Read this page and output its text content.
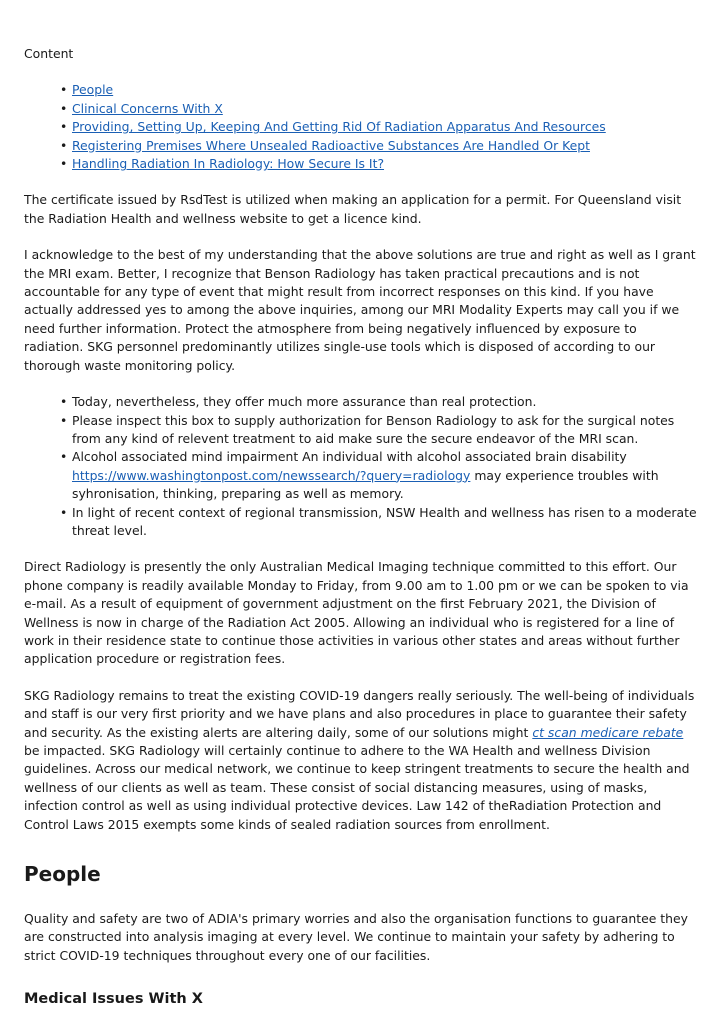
Content
• People
• Clinical Concerns With X
• Providing, Setting Up, Keeping And Getting Rid Of Radiation Apparatus And Resources
• Registering Premises Where Unsealed Radioactive Substances Are Handled Or Kept
• Handling Radiation In Radiology: How Secure Is It?

The certificate issued by RsdTest is utilized when making an application for a permit. For Queensland visit the Radiation Health and wellness website to get a licence kind.

I acknowledge to the best of my understanding that the above solutions are true and right as well as I grant the MRI exam. Better, I recognize that Benson Radiology has taken practical precautions and is not accountable for any type of event that might result from incorrect responses on this kind. If you have actually addressed yes to among the above inquiries, among our MRI Modality Experts may call you if we need further information. Protect the atmosphere from being negatively influenced by exposure to radiation. SKG personnel predominantly utilizes single-use tools which is disposed of according to our thorough waste monitoring policy.

• Today, nevertheless, they offer much more assurance than real protection.
• Please inspect this box to supply authorization for Benson Radiology to ask for the surgical notes from any kind of relevent treatment to aid make sure the secure endeavor of the MRI scan.
• Alcohol associated mind impairment An individual with alcohol associated brain disability https://www.washingtonpost.com/newssearch/?query=radiology may experience troubles with syhronisation, thinking, preparing as well as memory.
• In light of recent context of regional transmission, NSW Health and wellness has risen to a moderate threat level.

Direct Radiology is presently the only Australian Medical Imaging technique committed to this effort. Our phone company is readily available Monday to Friday, from 9.00 am to 1.00 pm or we can be spoken to via e-mail. As a result of equipment of government adjustment on the first February 2021, the Division of Wellness is now in charge of the Radiation Act 2005. Allowing an individual who is registered for a line of work in their residence state to continue those activities in various other states and areas without further application procedure or registration fees.

SKG Radiology remains to treat the existing COVID-19 dangers really seriously. The well-being of individuals and staff is our very first priority and we have plans and also procedures in place to guarantee their safety and security. As the existing alerts are altering daily, some of our solutions might ct scan medicare rebate be impacted. SKG Radiology will certainly continue to adhere to the WA Health and wellness Division guidelines. Across our medical network, we continue to keep stringent treatments to secure the health and wellness of our clients as well as team. These consist of social distancing measures, using of masks, infection control as well as using individual protective devices. Law 142 of theRadiation Protection and Control Laws 2015 exempts some kinds of sealed radiation sources from enrollment.

People

Quality and safety are two of ADIA's primary worries and also the organisation functions to guarantee they are constructed into analysis imaging at every level. We continue to maintain your safety by adhering to strict COVID-19 techniques throughout every one of our facilities.

Medical Issues With X
